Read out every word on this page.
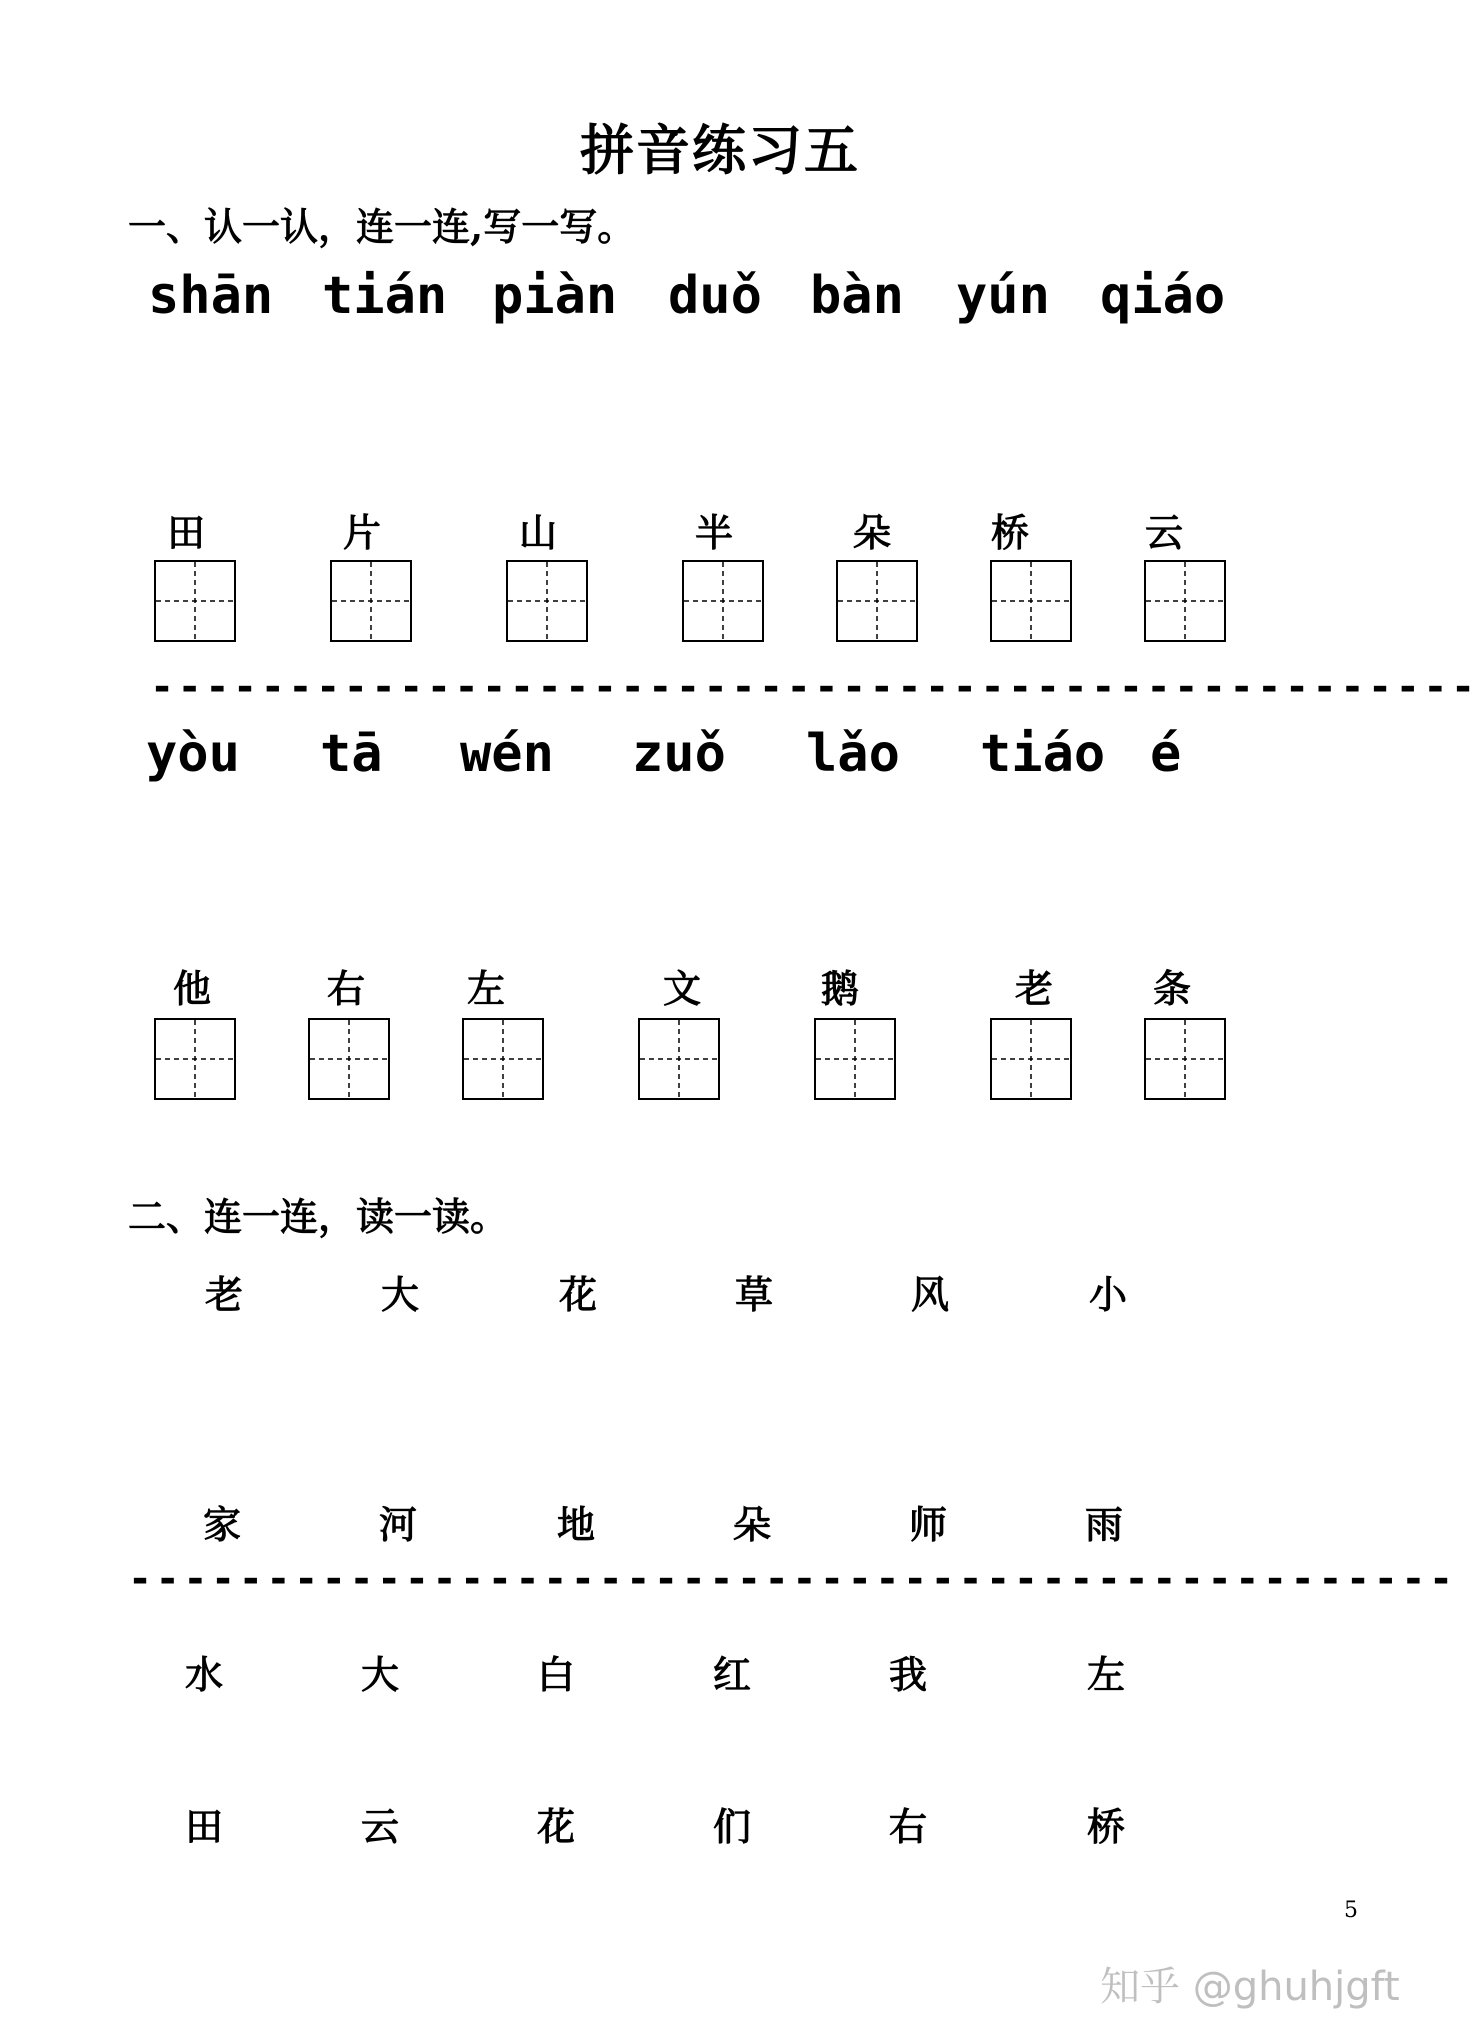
拼音练习五
一、认一认，连一连,写一写。
shān tián piàn duǒ bàn yún qiáo
田	片	山	半	朵	桥	云
------------------------------------------------
yòu tā wén zuǒ lǎo tiáo é
他	右	左	文	鹅	老	条
二、连一连，读一读。
老	大	花	草	风	小
家	河	地	朵	师	雨
------------------------------------------------
水	大	白	红	我	左
田	云	花	们	右	桥
5
知乎 @ghuhjgft
